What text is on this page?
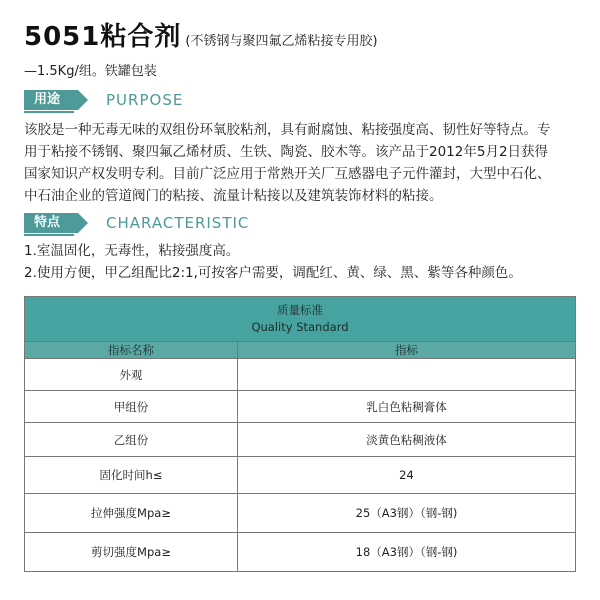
5051粘合剂 (不锈钢与聚四氟乙烯粘接专用胶)
—1.5Kg/组。铁罐包装
用途	PURPOSE
该胶是一种无毒无味的双组份环氧胶粘剂，具有耐腐蚀、粘接强度高、韧性好等特点。专
用于粘接不锈钢、聚四氟乙烯材质、生铁、陶瓷、胶木等。该产品于2012年5月2日获得
国家知识产权发明专利。目前广泛应用于常熟开关厂互感器电子元件灌封，大型中石化、
中石油企业的管道阀门的粘接、流量计粘接以及建筑装饰材料的粘接。
特点	CHARACTERISTIC
1.室温固化，无毒性，粘接强度高。
2.使用方便，甲乙组配比2:1,可按客户需要，调配红、黄、绿、黑、紫等各种颜色。
质量标准
Quality Standard	

指标名称	指标
外观	
甲组份	乳白色粘稠膏体
乙组份	淡黄色粘稠液体
固化时间h≤	24
拉伸强度Mpa≥	25（A3钢）（钢-钢)
剪切强度Mpa≥	18（A3钢）（钢-钢)
